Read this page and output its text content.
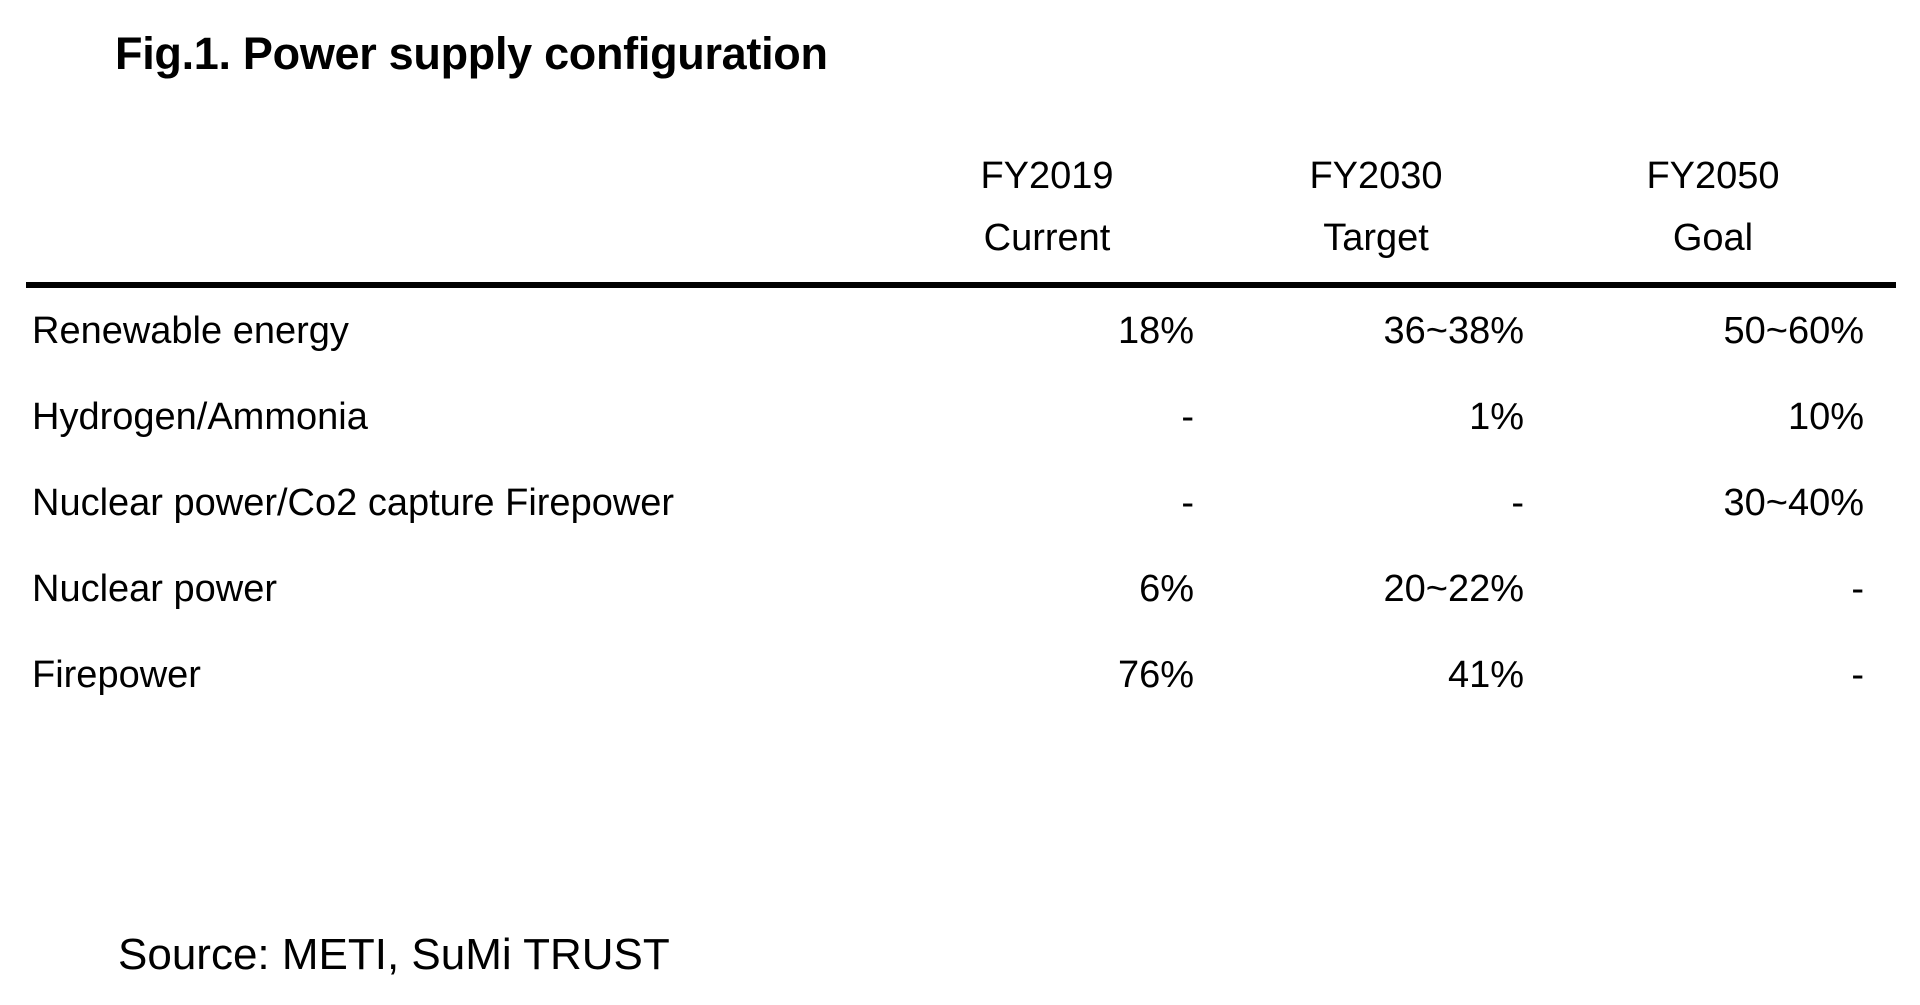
Fig.1. Power supply configuration
	FY2019	FY2030	FY2050
	Current	Target	Goal

Renewable energy	18%	36~38%	50~60%
Hydrogen/Ammonia	-	1%	10%
Nuclear power/Co2 capture Firepower	-	-	30~40%
Nuclear power	6%	20~22%	-
Firepower	76%	41%	-
Source: METI, SuMi TRUST
